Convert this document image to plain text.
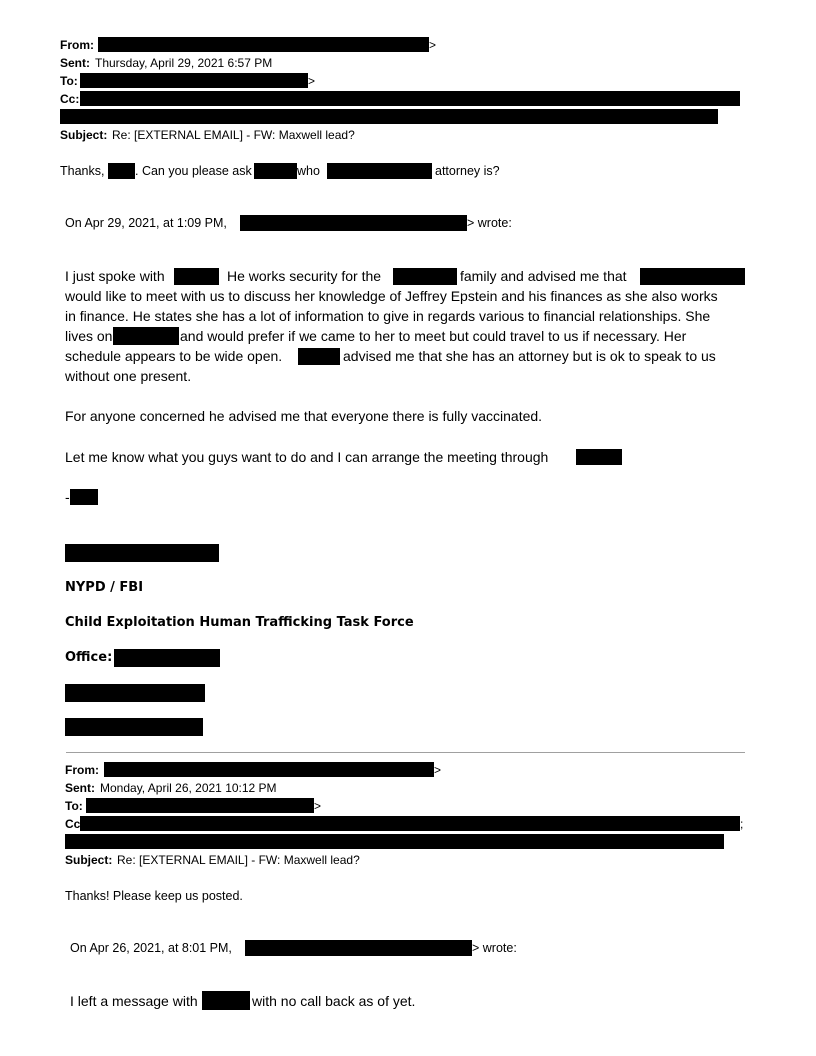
From:	>
Sent: Thursday, April 29, 2021 6:57 PM
To:	>
Cc:
Subject: Re: [EXTERNAL EMAIL] - FW: Maxwell lead?
Thanks, . Can you please ask	who	attorney is?
On Apr 29, 2021, at 1:09 PM,	> wrote:
I just spoke with	He works security for the	family and advised me that
would like to meet with us to discuss her knowledge of Jeffrey Epstein and his finances as she also works
in finance. He states she has a lot of information to give in regards various to financial relationships. She
lives on	and would prefer if we came to her to meet but could travel to us if necessary. Her
schedule appears to be wide open.	advised me that she has an attorney but is ok to speak to us
without one present.
For anyone concerned he advised me that everyone there is fully vaccinated.
Let me know what you guys want to do and I can arrange the meeting through
-
NYPD / FBI
Child Exploitation Human Trafficking Task Force
Office:
From:	>
Sent: Monday, April 26, 2021 10:12 PM
To:	>
Cc	;
Subject: Re: [EXTERNAL EMAIL] - FW: Maxwell lead?
Thanks! Please keep us posted.
On Apr 26, 2021, at 8:01 PM,	> wrote:
I left a message with	with no call back as of yet.
